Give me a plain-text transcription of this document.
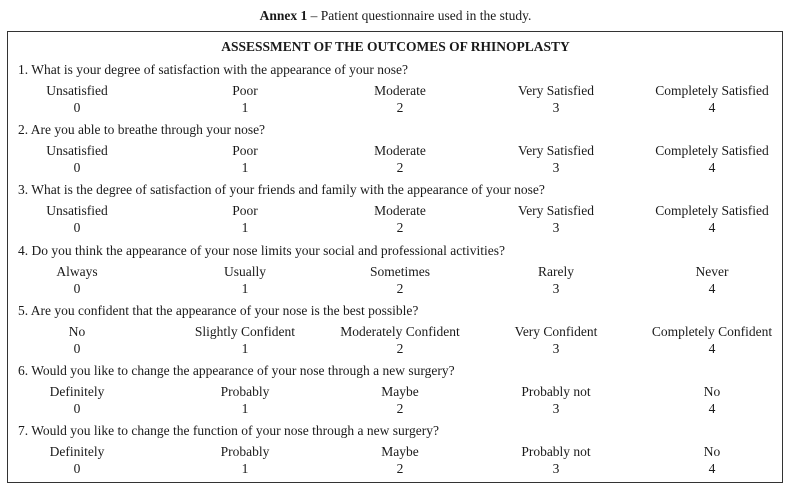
Annex 1 – Patient questionnaire used in the study.
ASSESSMENT OF THE OUTCOMES OF RHINOPLASTY
1. What is your degree of satisfaction with the appearance of your nose?
Unsatisfied
0
Poor
1
Moderate
2
Very Satisfied
3
Completely Satisfied
4
2. Are you able to breathe through your nose?
Unsatisfied
0
Poor
1
Moderate
2
Very Satisfied
3
Completely Satisfied
4
3. What is the degree of satisfaction of your friends and family with the appearance of your nose?
Unsatisfied
0
Poor
1
Moderate
2
Very Satisfied
3
Completely Satisfied
4
4. Do you think the appearance of your nose limits your social and professional activities?
Always
0
Usually
1
Sometimes
2
Rarely
3
Never
4
5. Are you confident that the appearance of your nose is the best possible?
No
0
Slightly Confident
1
Moderately Confident
2
Very Confident
3
Completely Confident
4
6. Would you like to change the appearance of your nose through a new surgery?
Definitely
0
Probably
1
Maybe
2
Probably not
3
No
4
7. Would you like to change the function of your nose through a new surgery?
Definitely
0
Probably
1
Maybe
2
Probably not
3
No
4
